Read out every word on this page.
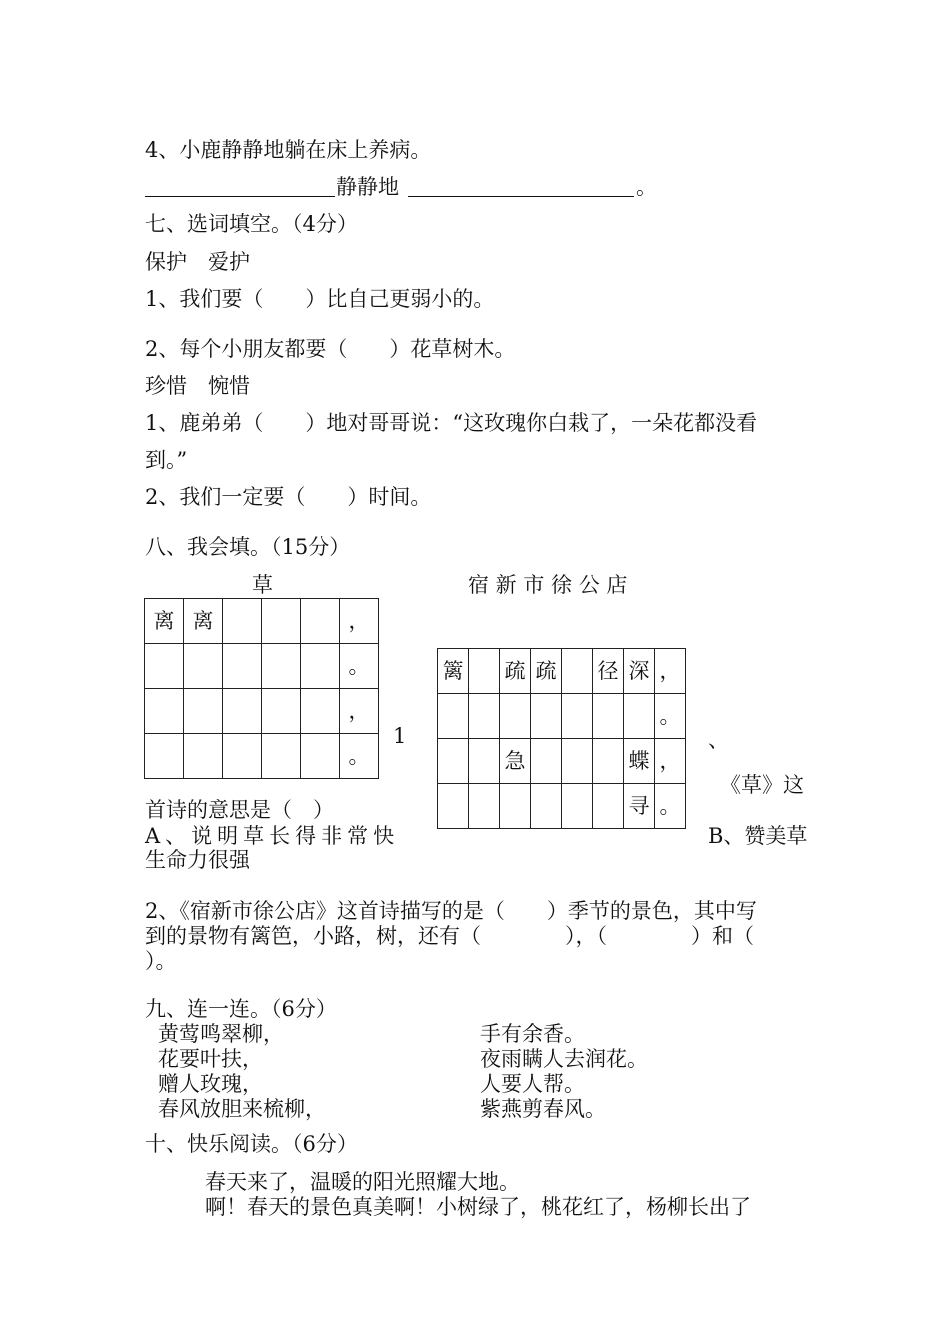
4、小鹿静静地躺在床上养病。
静静地	。
七、选词填空。（4分）
保护　爱护
1、我们要（　　）比自己更弱小的。
2、每个小朋友都要（　　）花草树木。
珍惜　惋惜
1、鹿弟弟（　　）地对哥哥说：“这玫瑰你白栽了，一朵花都没看
到。”
2、我们一定要（　　）时间。
八、我会填。（15分）
草	宿 新 市 徐 公 店
离	离				，
					。
					，
					。
1
篱		疏	疏		径	深	，
							。
		急				蝶	，
						寻	。
、
《草》这
首诗的意思是（　）
A、说明草长得非常快	B、赞美草
生命力很强
2、《宿新市徐公店》这首诗描写的是（　　）季节的景色，其中写
到的景物有篱笆，小路，树，还有（　　　　），（　　　　）和（
）。
九、连一连。（6分）
黄莺鸣翠柳，
花要叶扶，
赠人玫瑰，
春风放胆来梳柳，
手有余香。
夜雨瞒人去润花。
人要人帮。
紫燕剪春风。
十、快乐阅读。（6分）
春天来了，温暖的阳光照耀大地。
啊！春天的景色真美啊！小树绿了，桃花红了，杨柳长出了
